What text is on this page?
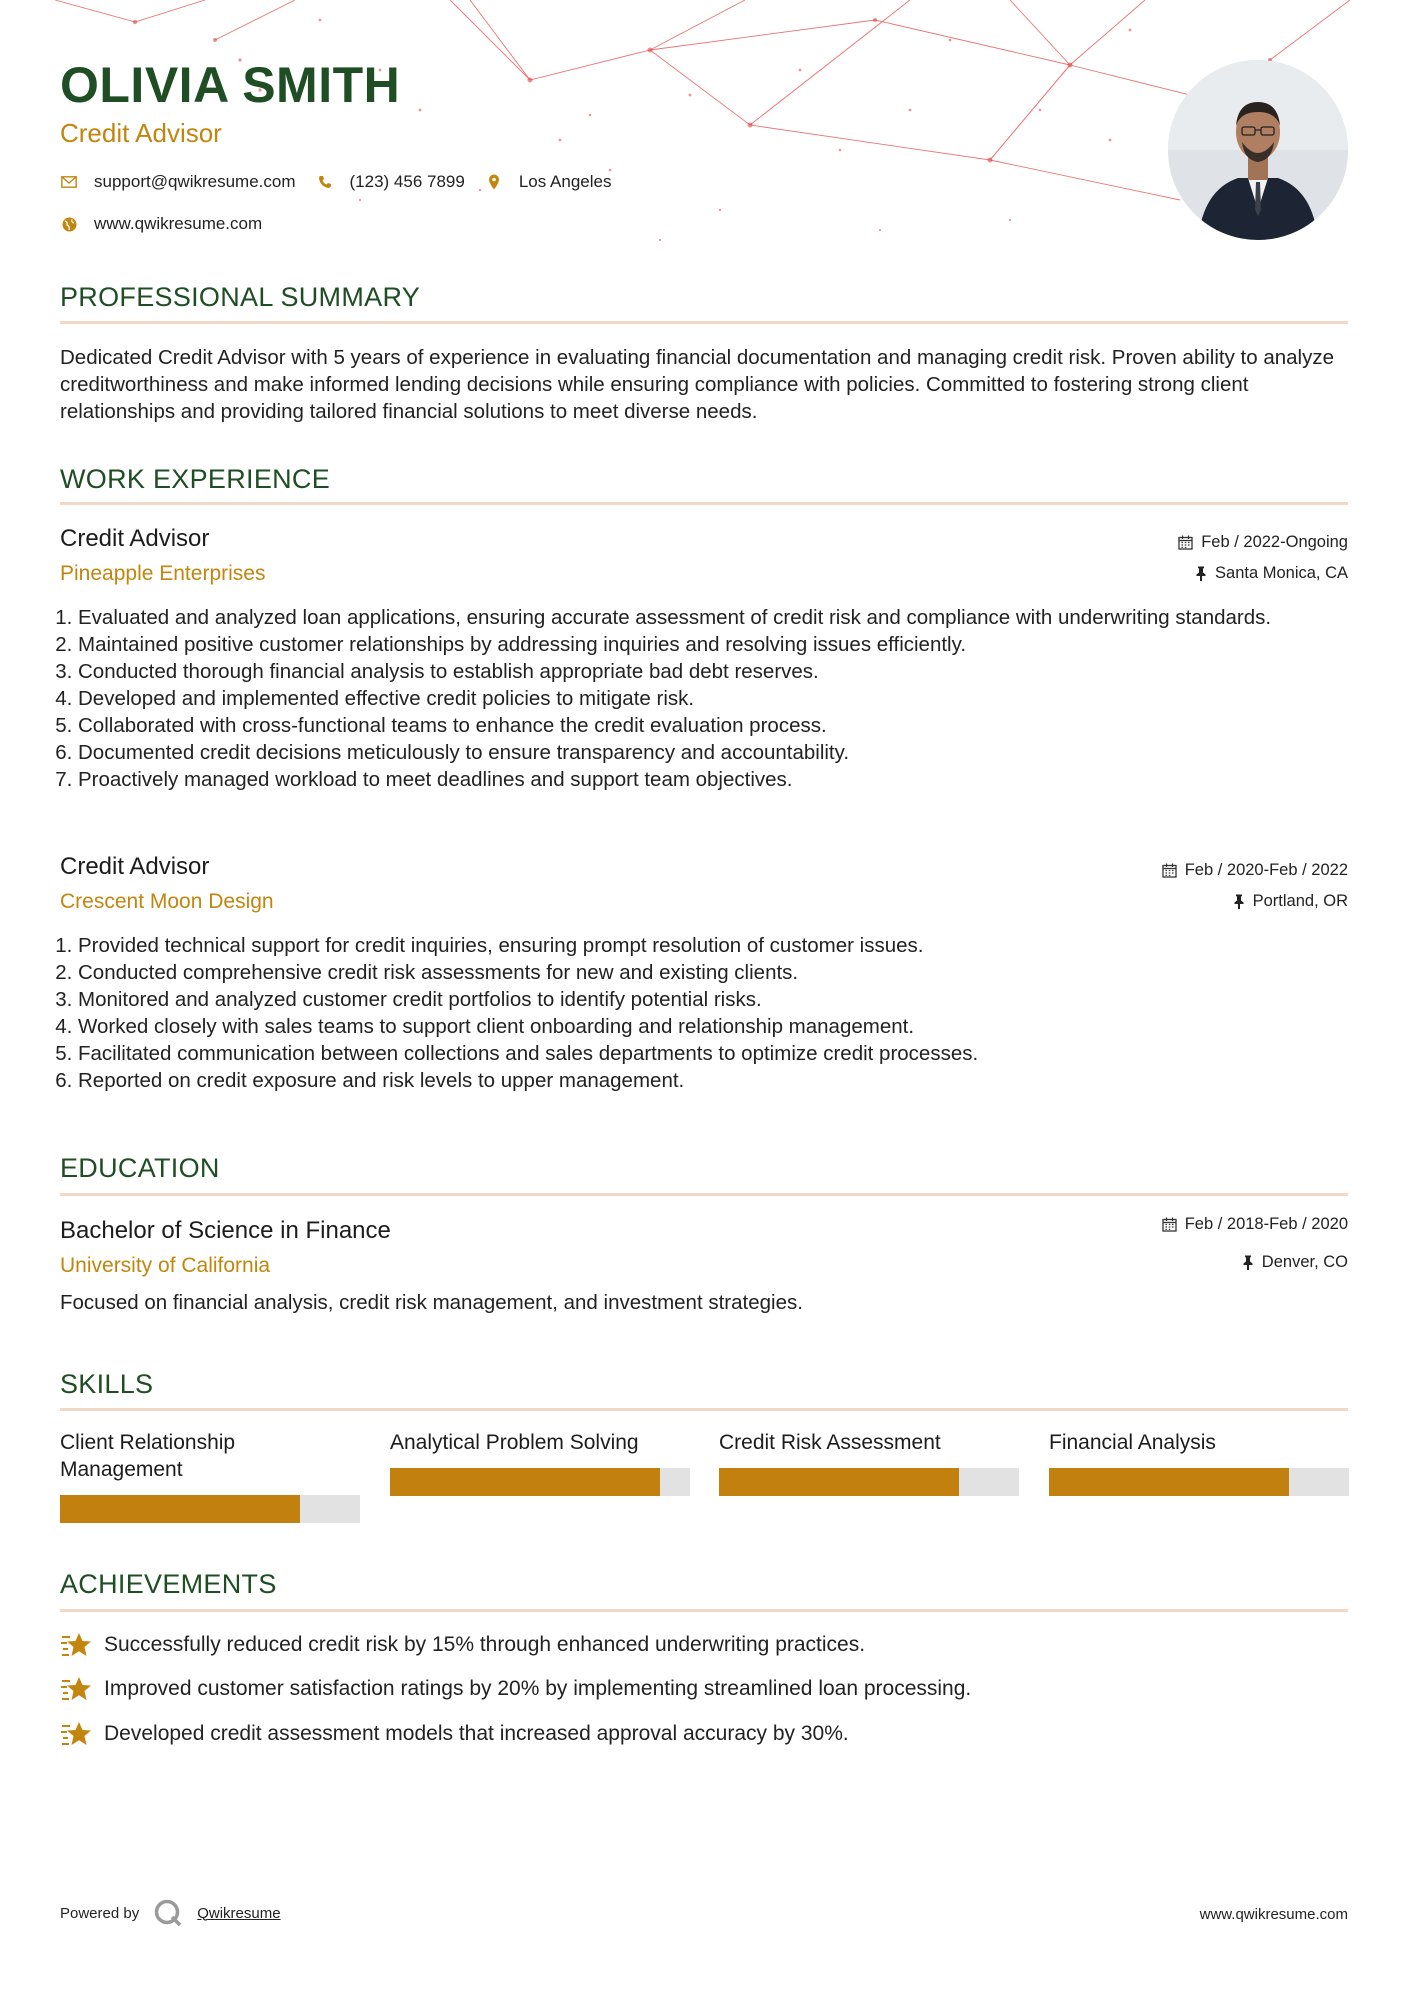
OLIVIA SMITH

Credit Advisor

support@qwikresume.com	(123) 456 7899	Los Angeles
www.qwikresume.com
PROFESSIONAL SUMMARY

Dedicated Credit Advisor with 5 years of experience in evaluating financial documentation and managing credit risk. Proven ability to analyze creditworthiness and make informed lending decisions while ensuring compliance with policies. Committed to fostering strong client relationships and providing tailored financial solutions to meet diverse needs.

WORK EXPERIENCE

Credit Advisor

Pineapple Enterprises

Feb / 2022-Ongoing
Santa Monica, CA
1. Evaluated and analyzed loan applications, ensuring accurate assessment of credit risk and compliance with underwriting standards.
2. Maintained positive customer relationships by addressing inquiries and resolving issues efficiently.
3. Conducted thorough financial analysis to establish appropriate bad debt reserves.
4. Developed and implemented effective credit policies to mitigate risk.
5. Collaborated with cross-functional teams to enhance the credit evaluation process.
6. Documented credit decisions meticulously to ensure transparency and accountability.
7. Proactively managed workload to meet deadlines and support team objectives.

Credit Advisor

Crescent Moon Design

Feb / 2020-Feb / 2022
Portland, OR
1. Provided technical support for credit inquiries, ensuring prompt resolution of customer issues.
2. Conducted comprehensive credit risk assessments for new and existing clients.
3. Monitored and analyzed customer credit portfolios to identify potential risks.
4. Worked closely with sales teams to support client onboarding and relationship management.
5. Facilitated communication between collections and sales departments to optimize credit processes.
6. Reported on credit exposure and risk levels to upper management.
EDUCATION

Bachelor of Science in Finance

University of California

Feb / 2018-Feb / 2020
Denver, CO

Focused on financial analysis, credit risk management, and investment strategies.

SKILLS

Client Relationship Management

Analytical Problem Solving	Credit Risk Assessment	Financial Analysis

ACHIEVEMENTS
Successfully reduced credit risk by 15% through enhanced underwriting practices.
Improved customer satisfaction ratings by 20% by implementing streamlined loan processing.
Developed credit assessment models that increased approval accuracy by 30%.
Powered by	Qwikresume	www.qwikresume.com
